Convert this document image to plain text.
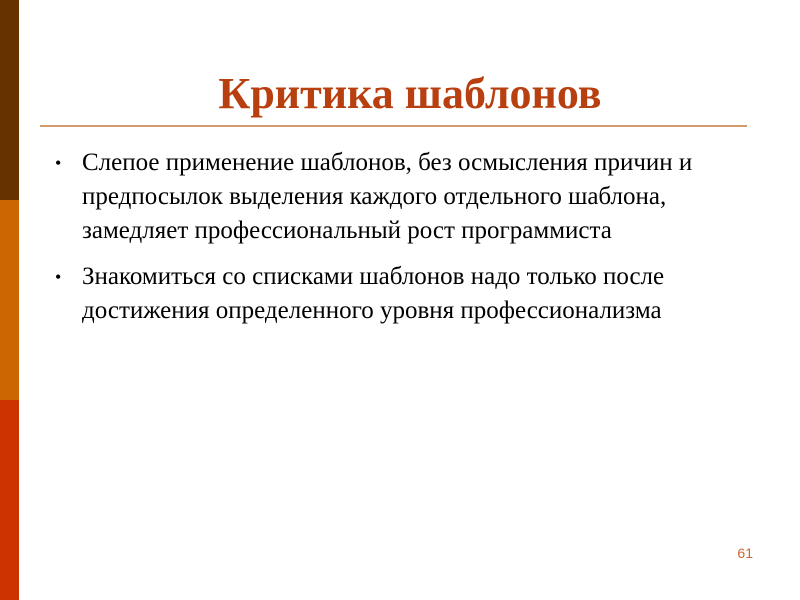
Критика шаблонов
• Слепое применение шаблонов, без осмысления причин и предпосылок выделения каждого отдельного шаблона, замедляет профессиональный рост программиста
• Знакомиться со списками шаблонов надо только после достижения определенного уровня профессионализма
61
